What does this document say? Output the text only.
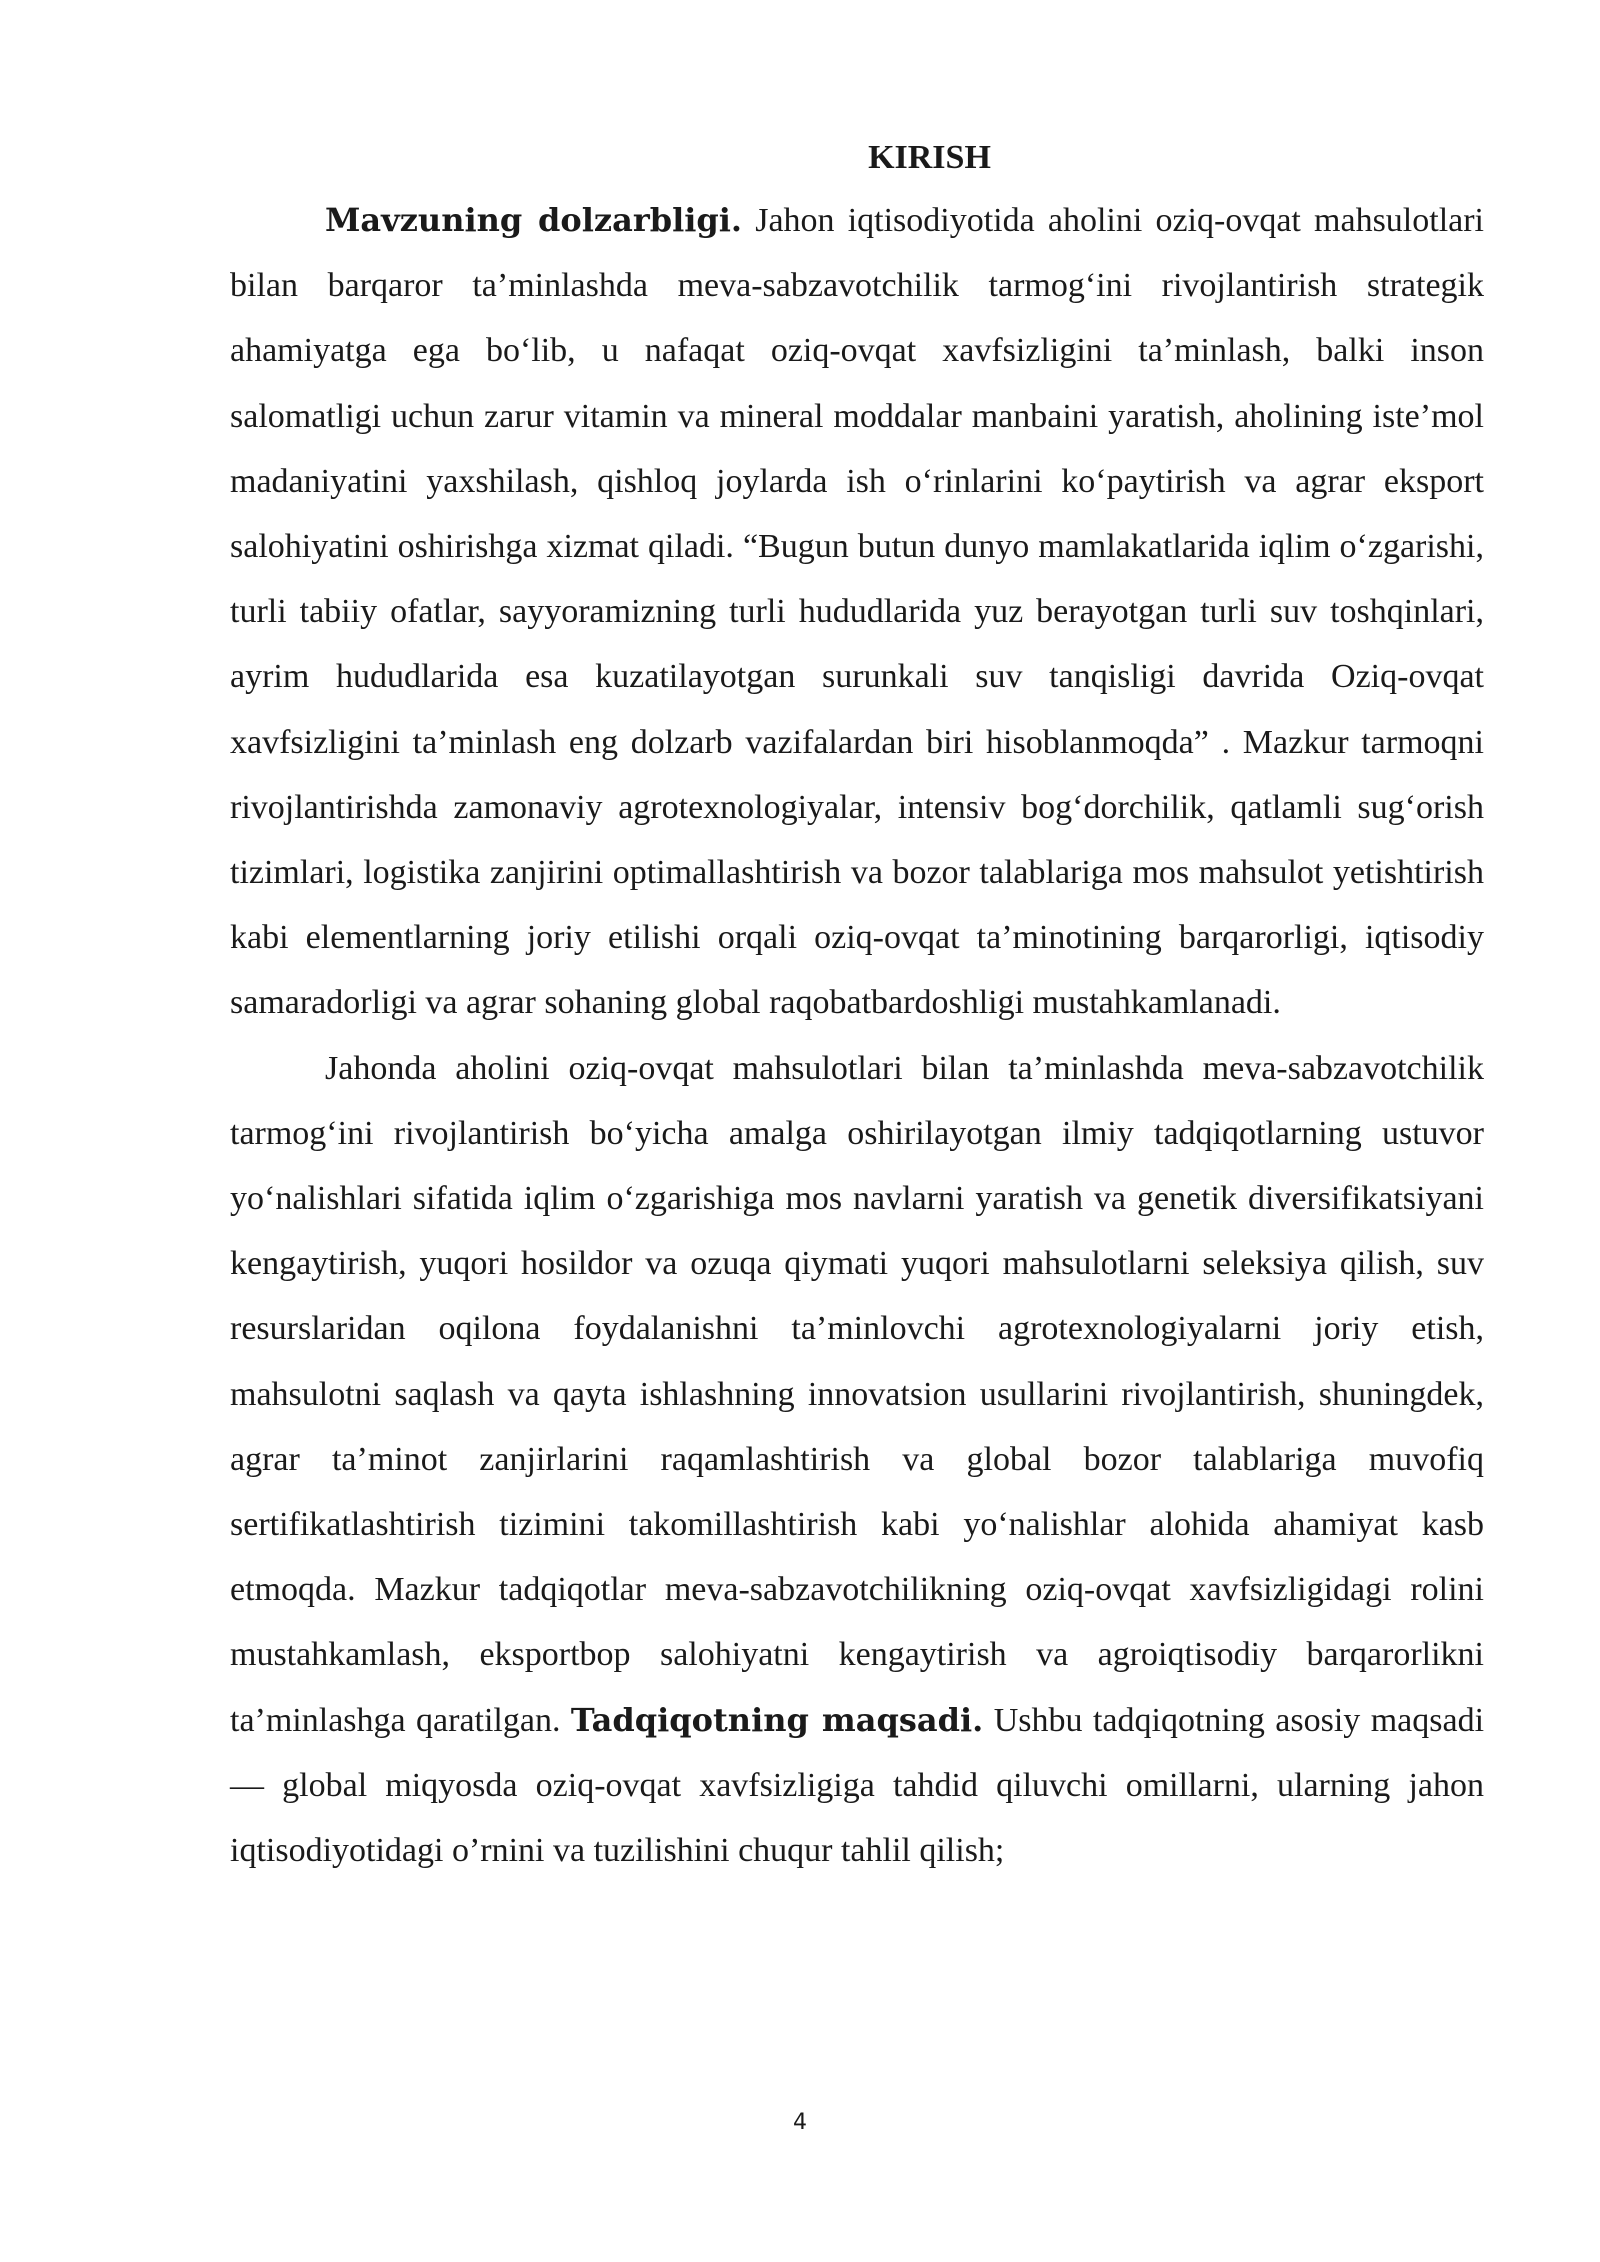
KIRISH

Mavzuning dolzarbligi. Jahon iqtisodiyotida aholini oziq-ovqat mahsulotlari bilan barqaror ta’minlashda meva-sabzavotchilik tarmog‘ini rivojlantirish strategik ahamiyatga ega bo‘lib, u nafaqat oziq-ovqat xavfsizligini ta’minlash, balki inson salomatligi uchun zarur vitamin va mineral moddalar manbaini yaratish, aholining iste’mol madaniyatini yaxshilash, qishloq joylarda ish o‘rinlarini ko‘paytirish va agrar eksport salohiyatini oshirishga xizmat qiladi. “Bugun butun dunyo mamlakatlarida iqlim o‘zgarishi, turli tabiiy ofatlar, sayyoramizning turli hududlarida yuz berayotgan turli suv toshqinlari, ayrim hududlarida esa kuzatilayotgan surunkali suv tanqisligi davrida Oziq-ovqat xavfsizligini ta’minlash eng dolzarb vazifalardan biri hisoblanmoqda” . Mazkur tarmoqni rivojlantirishda zamonaviy agrotexnologiyalar, intensiv bog‘dorchilik, qatlamli sug‘orish tizimlari, logistika zanjirini optimallashtirish va bozor talablariga mos mahsulot yetishtirish kabi elementlarning joriy etilishi orqali oziq-ovqat ta’minotining barqarorligi, iqtisodiy samaradorligi va agrar sohaning global raqobatbardoshligi mustahkamlanadi.

Jahonda aholini oziq-ovqat mahsulotlari bilan ta’minlashda meva-sabzavotchilik tarmog‘ini rivojlantirish bo‘yicha amalga oshirilayotgan ilmiy tadqiqotlarning ustuvor yo‘nalishlari sifatida iqlim o‘zgarishiga mos navlarni yaratish va genetik diversifikatsiyani kengaytirish, yuqori hosildor va ozuqa qiymati yuqori mahsulotlarni seleksiya qilish, suv resurslaridan oqilona foydalanishni ta’minlovchi agrotexnologiyalarni joriy etish, mahsulotni saqlash va qayta ishlashning innovatsion usullarini rivojlantirish, shuningdek, agrar ta’minot zanjirlarini raqamlashtirish va global bozor talablariga muvofiq sertifikatlashtirish tizimini takomillashtirish kabi yo‘nalishlar alohida ahamiyat kasb etmoqda. Mazkur tadqiqotlar meva-sabzavotchilikning oziq-ovqat xavfsizligidagi rolini mustahkamlash, eksportbop salohiyatni kengaytirish va agroiqtisodiy barqarorlikni ta’minlashga qaratilgan. Tadqiqotning maqsadi. Ushbu tadqiqotning asosiy maqsadi — global miqyosda oziq-ovqat xavfsizligiga tahdid qiluvchi omillarni, ularning jahon iqtisodiyotidagi o’rnini va tuzilishini chuqur tahlil qilish;

4
